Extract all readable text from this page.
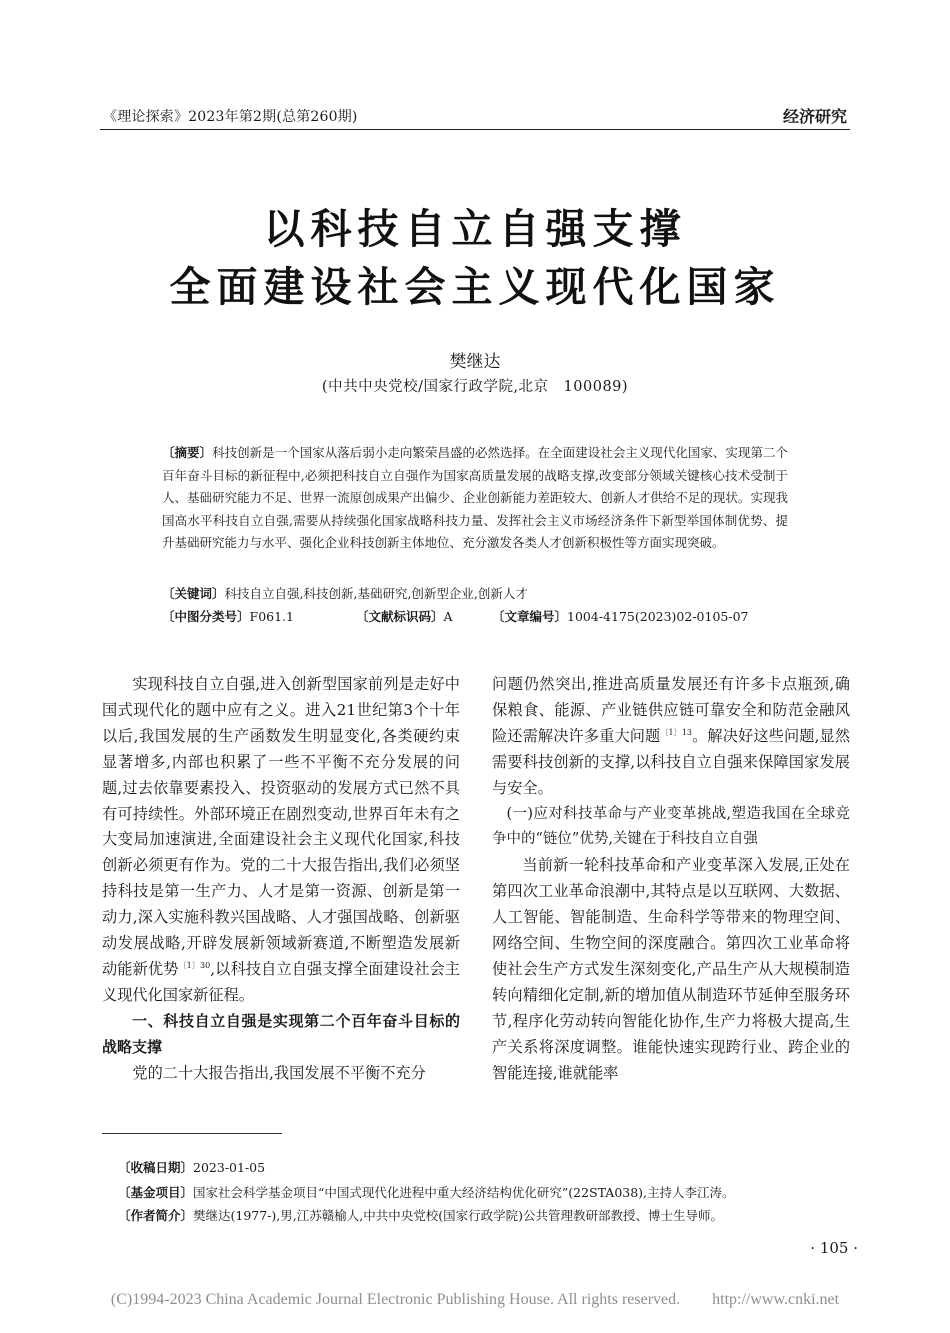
《理论探索》2023年第2期(总第260期)	经济研究
以科技自立自强支撑
全面建设社会主义现代化国家
樊继达
(中共中央党校/国家行政学院,北京　100089)
〔摘要〕科技创新是一个国家从落后弱小走向繁荣昌盛的必然选择。在全面建设社会主义现代化国家、实现第二个百年奋斗目标的新征程中,必须把科技自立自强作为国家高质量发展的战略支撑,改变部分领域关键核心技术受制于人、基础研究能力不足、世界一流原创成果产出偏少、企业创新能力差距较大、创新人才供给不足的现状。实现我国高水平科技自立自强,需要从持续强化国家战略科技力量、发挥社会主义市场经济条件下新型举国体制优势、提升基础研究能力与水平、强化企业科技创新主体地位、充分激发各类人才创新积极性等方面实现突破。
〔关键词〕科技自立自强,科技创新,基础研究,创新型企业,创新人才
〔中图分类号〕F061.1	〔文献标识码〕A	〔文章编号〕1004-4175(2023)02-0105-07

实现科技自立自强,进入创新型国家前列是走好中国式现代化的题中应有之义。进入21世纪第3个十年以后,我国发展的生产函数发生明显变化,各类硬约束显著增多,内部也积累了一些不平衡不充分发展的问题,过去依靠要素投入、投资驱动的发展方式已然不具有可持续性。外部环境正在剧烈变动,世界百年未有之大变局加速演进,全面建设社会主义现代化国家,科技创新必须更有作为。党的二十大报告指出,我们必须坚持科技是第一生产力、人才是第一资源、创新是第一动力,深入实施科教兴国战略、人才强国战略、创新驱动发展战略,开辟发展新领域新赛道,不断塑造发展新动能新优势$^{〔1〕30}$,以科技自立自强支撑全面建设社会主义现代化国家新征程。

一、科技自立自强是实现第二个百年奋斗目标的战略支撑

党的二十大报告指出,我国发展不平衡不充分

问题仍然突出,推进高质量发展还有许多卡点瓶颈,确保粮食、能源、产业链供应链可靠安全和防范金融风险还需解决许多重大问题$^{〔1〕13}$。解决好这些问题,显然需要科技创新的支撑,以科技自立自强来保障国家发展与安全。

(一)应对科技革命与产业变革挑战,塑造我国在全球竞争中的“链位”优势,关键在于科技自立自强

当前新一轮科技革命和产业变革深入发展,正处在第四次工业革命浪潮中,其特点是以互联网、大数据、人工智能、智能制造、生命科学等带来的物理空间、网络空间、生物空间的深度融合。第四次工业革命将使社会生产方式发生深刻变化,产品生产从大规模制造转向精细化定制,新的增加值从制造环节延伸至服务环节,程序化劳动转向智能化协作,生产力将极大提高,生产关系将深度调整。谁能快速实现跨行业、跨企业的智能连接,谁就能率

〔收稿日期〕2023-01-05
〔基金项目〕国家社会科学基金项目“中国式现代化进程中重大经济结构优化研究”(22STA038),主持人李江涛。
〔作者简介〕樊继达(1977-),男,江苏赣榆人,中共中央党校(国家行政学院)公共管理教研部教授、博士生导师。
· 105 ·
(C)1994-2023 China Academic Journal Electronic Publishing House. All rights reserved.　　http://www.cnki.net
